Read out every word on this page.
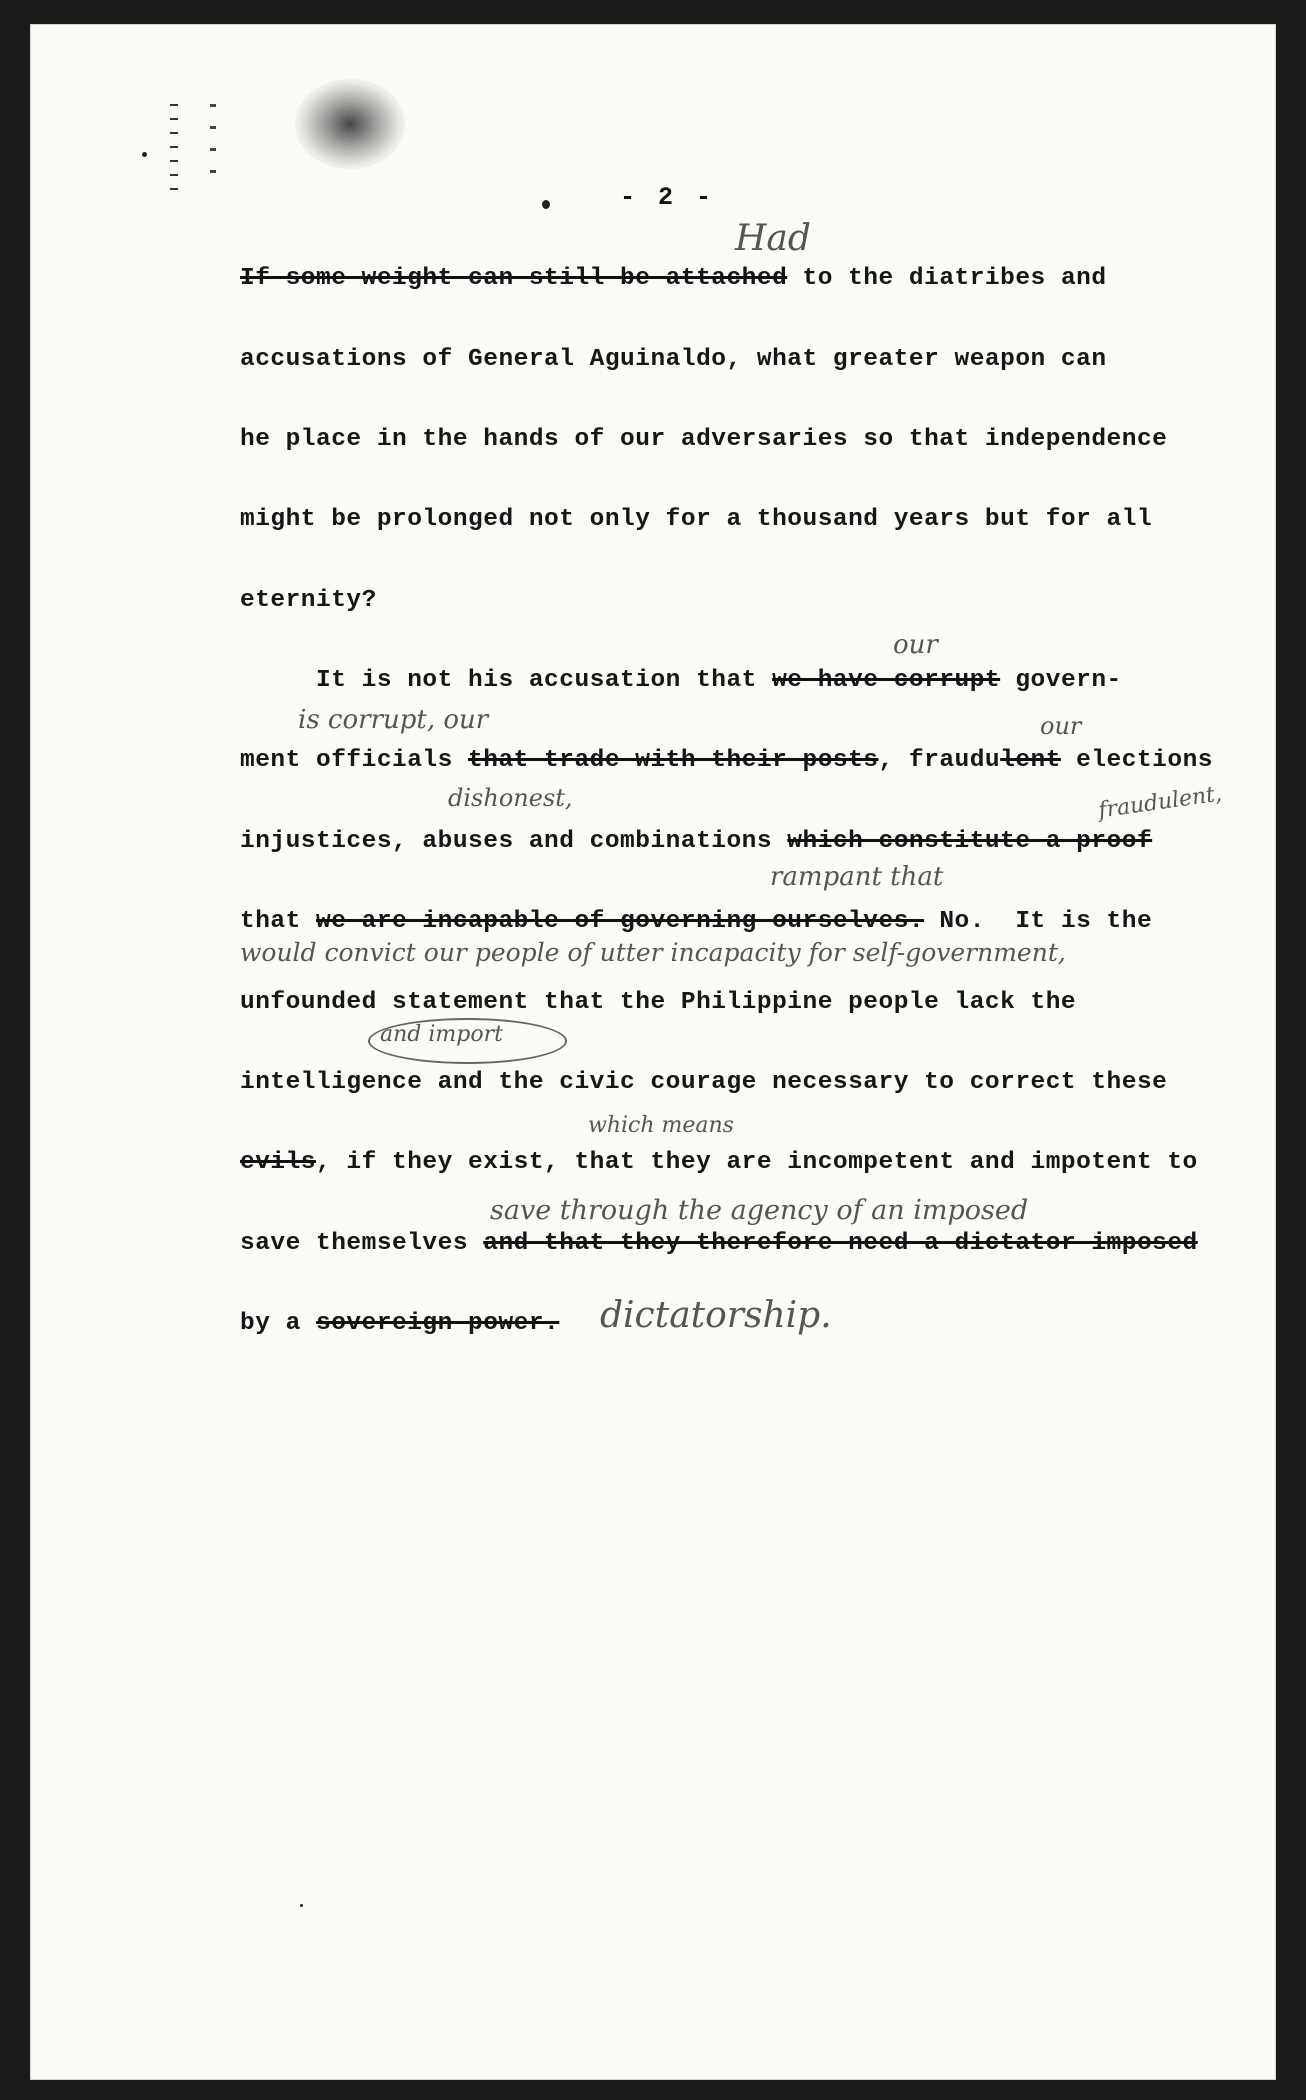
- 2 -
If some weight can still be attached to the diatribes and
accusations of General Aguinaldo, what greater weapon can
he place in the hands of our adversaries so that independence
might be prolonged not only for a thousand years but for all
eternity?
It is not his accusation that we have corrupt govern-
ment officials that trade with their posts, fraudulent elections
injustices, abuses and combinations which constitute a proof
that we are incapable of governing ourselves. No.  It is the
unfounded statement that the Philippine people lack the
intelligence and the civic courage necessary to correct these
evils, if they exist, that they are incompetent and impotent to
save themselves and that they therefore need a dictator imposed
by a sovereign power.
Had
our
is corrupt, our	our
dishonest,	fraudulent,
rampant that
would convict our people of utter incapacity for self-government,
and import
which means
save through the agency of an imposed
dictatorship.
